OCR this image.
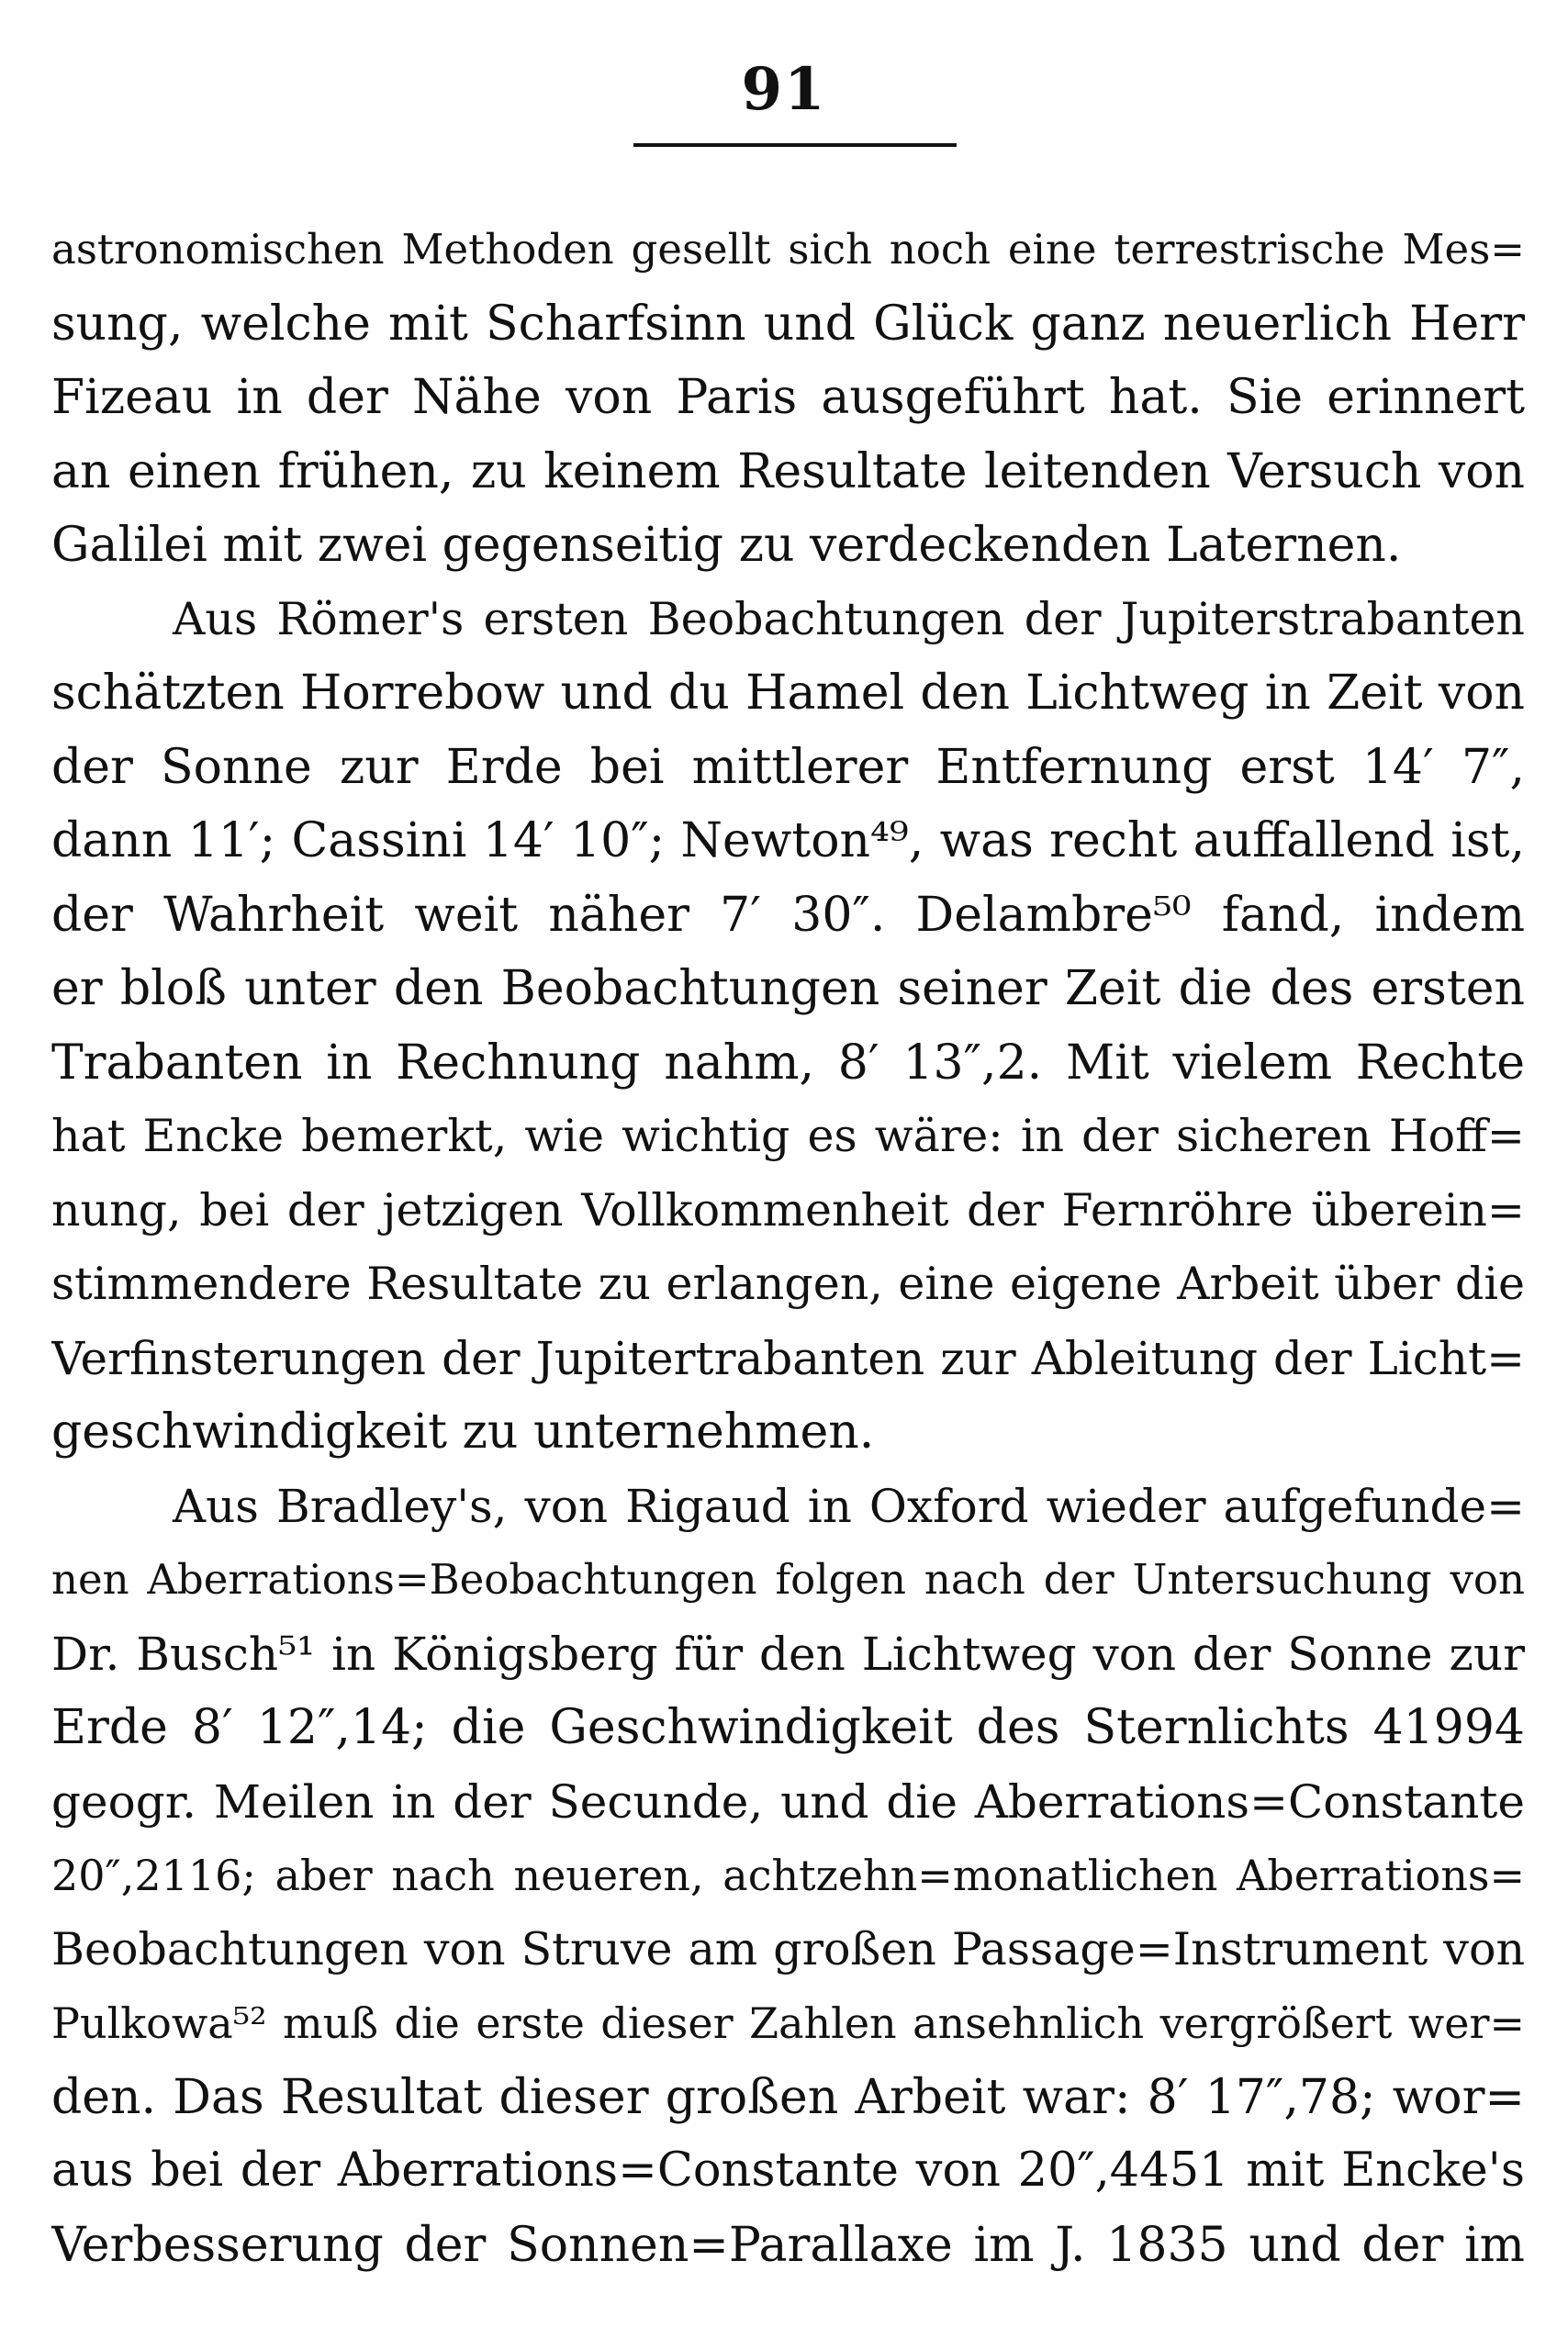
91
astronomischen Methoden gesellt sich noch eine terrestrische Mes=
sung, welche mit Scharfsinn und Glück ganz neuerlich Herr
Fizeau in der Nähe von Paris ausgeführt hat. Sie erinnert
an einen frühen, zu keinem Resultate leitenden Versuch von
Galilei mit zwei gegenseitig zu verdeckenden Laternen.
Aus Römer's ersten Beobachtungen der Jupiterstrabanten
schätzten Horrebow und du Hamel den Lichtweg in Zeit von
der Sonne zur Erde bei mittlerer Entfernung erst 14′ 7″,
dann 11′; Cassini 14′ 10″; Newton⁴⁹, was recht auffallend ist,
der Wahrheit weit näher 7′ 30″. Delambre⁵⁰ fand, indem
er bloß unter den Beobachtungen seiner Zeit die des ersten
Trabanten in Rechnung nahm, 8′ 13″,2. Mit vielem Rechte
hat Encke bemerkt, wie wichtig es wäre: in der sicheren Hoff=
nung, bei der jetzigen Vollkommenheit der Fernröhre überein=
stimmendere Resultate zu erlangen, eine eigene Arbeit über die
Verfinsterungen der Jupitertrabanten zur Ableitung der Licht=
geschwindigkeit zu unternehmen.
Aus Bradley's, von Rigaud in Oxford wieder aufgefunde=
nen Aberrations=Beobachtungen folgen nach der Untersuchung von
Dr. Busch⁵¹ in Königsberg für den Lichtweg von der Sonne zur
Erde 8′ 12″,14; die Geschwindigkeit des Sternlichts 41994
geogr. Meilen in der Secunde, und die Aberrations=Constante
20″,2116; aber nach neueren, achtzehn=monatlichen Aberrations=
Beobachtungen von Struve am großen Passage=Instrument von
Pulkowa⁵² muß die erste dieser Zahlen ansehnlich vergrößert wer=
den. Das Resultat dieser großen Arbeit war: 8′ 17″,78; wor=
aus bei der Aberrations=Constante von 20″,4451 mit Encke's
Verbesserung der Sonnen=Parallaxe im J. 1835 und der im
